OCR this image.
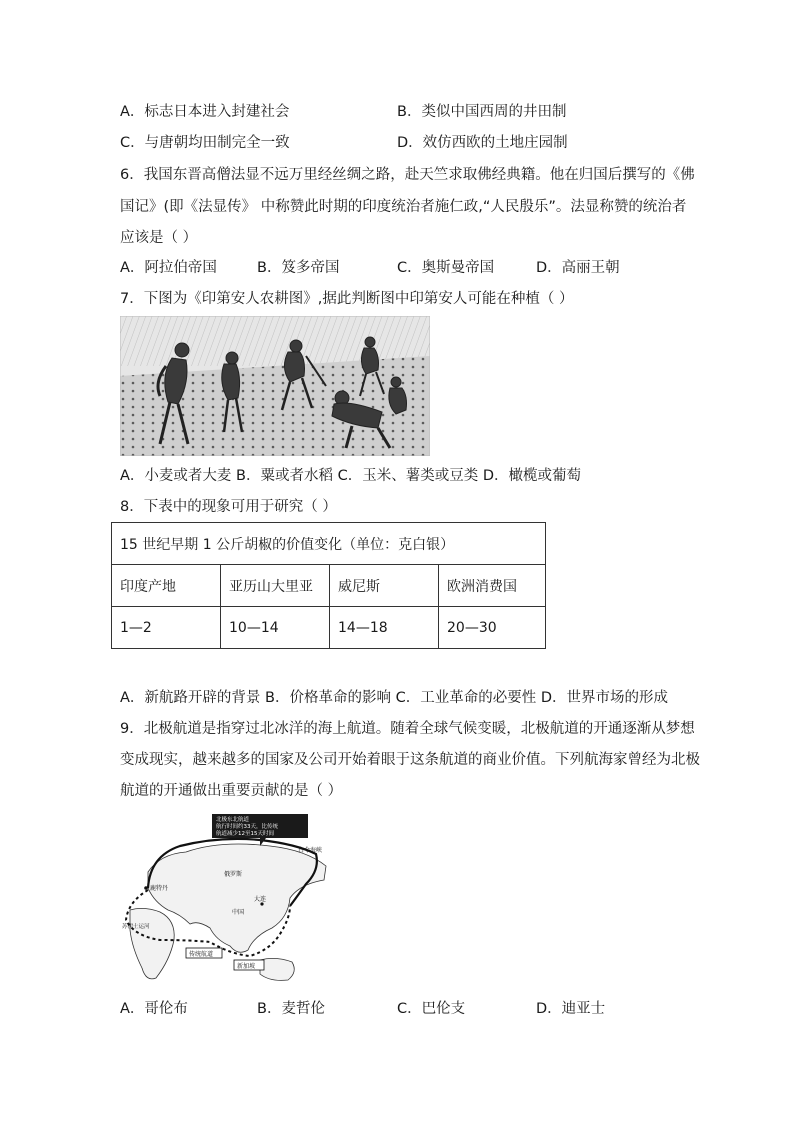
A．标志日本进入封建社会	B．类似中国西周的井田制
C．与唐朝均田制完全一致	D．效仿西欧的土地庄园制
6．我国东晋高僧法显不远万里经丝绸之路，赴天竺求取佛经典籍。他在归国后撰写的《佛
国记》(即《法显传》 中称赞此时期的印度统治者施仁政,“人民殷乐”。法显称赞的统治者
应该是（ ）
A．阿拉伯帝国	B．笈多帝国	C．奥斯曼帝国	D．高丽王朝
7．下图为《印第安人农耕图》,据此判断图中印第安人可能在种植（ ）
A．小麦或者大麦 B．粟或者水稻 C．玉米、薯类或豆类 D．橄榄或葡萄
8．下表中的现象可用于研究（ ）
15 世纪早期 1 公斤胡椒的价值变化（单位：克白银）			
印度产地	亚历山大里亚	威尼斯	欧洲消费国
1—2	10—14	14—18	20—30
A．新航路开辟的背景 B．价格革命的影响 C．工业革命的必要性 D．世界市场的形成
9．北极航道是指穿过北冰洋的海上航道。随着全球气候变暖，北极航道的开通逐渐从梦想
变成现实，越来越多的国家及公司开始着眼于这条航道的商业价值。下列航海家曾经为北极
航道的开通做出重要贡献的是（ ）
北极东北航道
航行时间约33天，比传统
航道减少12至15天时间
白令海峡
俄罗斯
鹿特丹
中国
大连
苏伊士运河
传统航道
新加坡
A．哥伦布	B．麦哲伦	C．巴伦支	D．迪亚士
